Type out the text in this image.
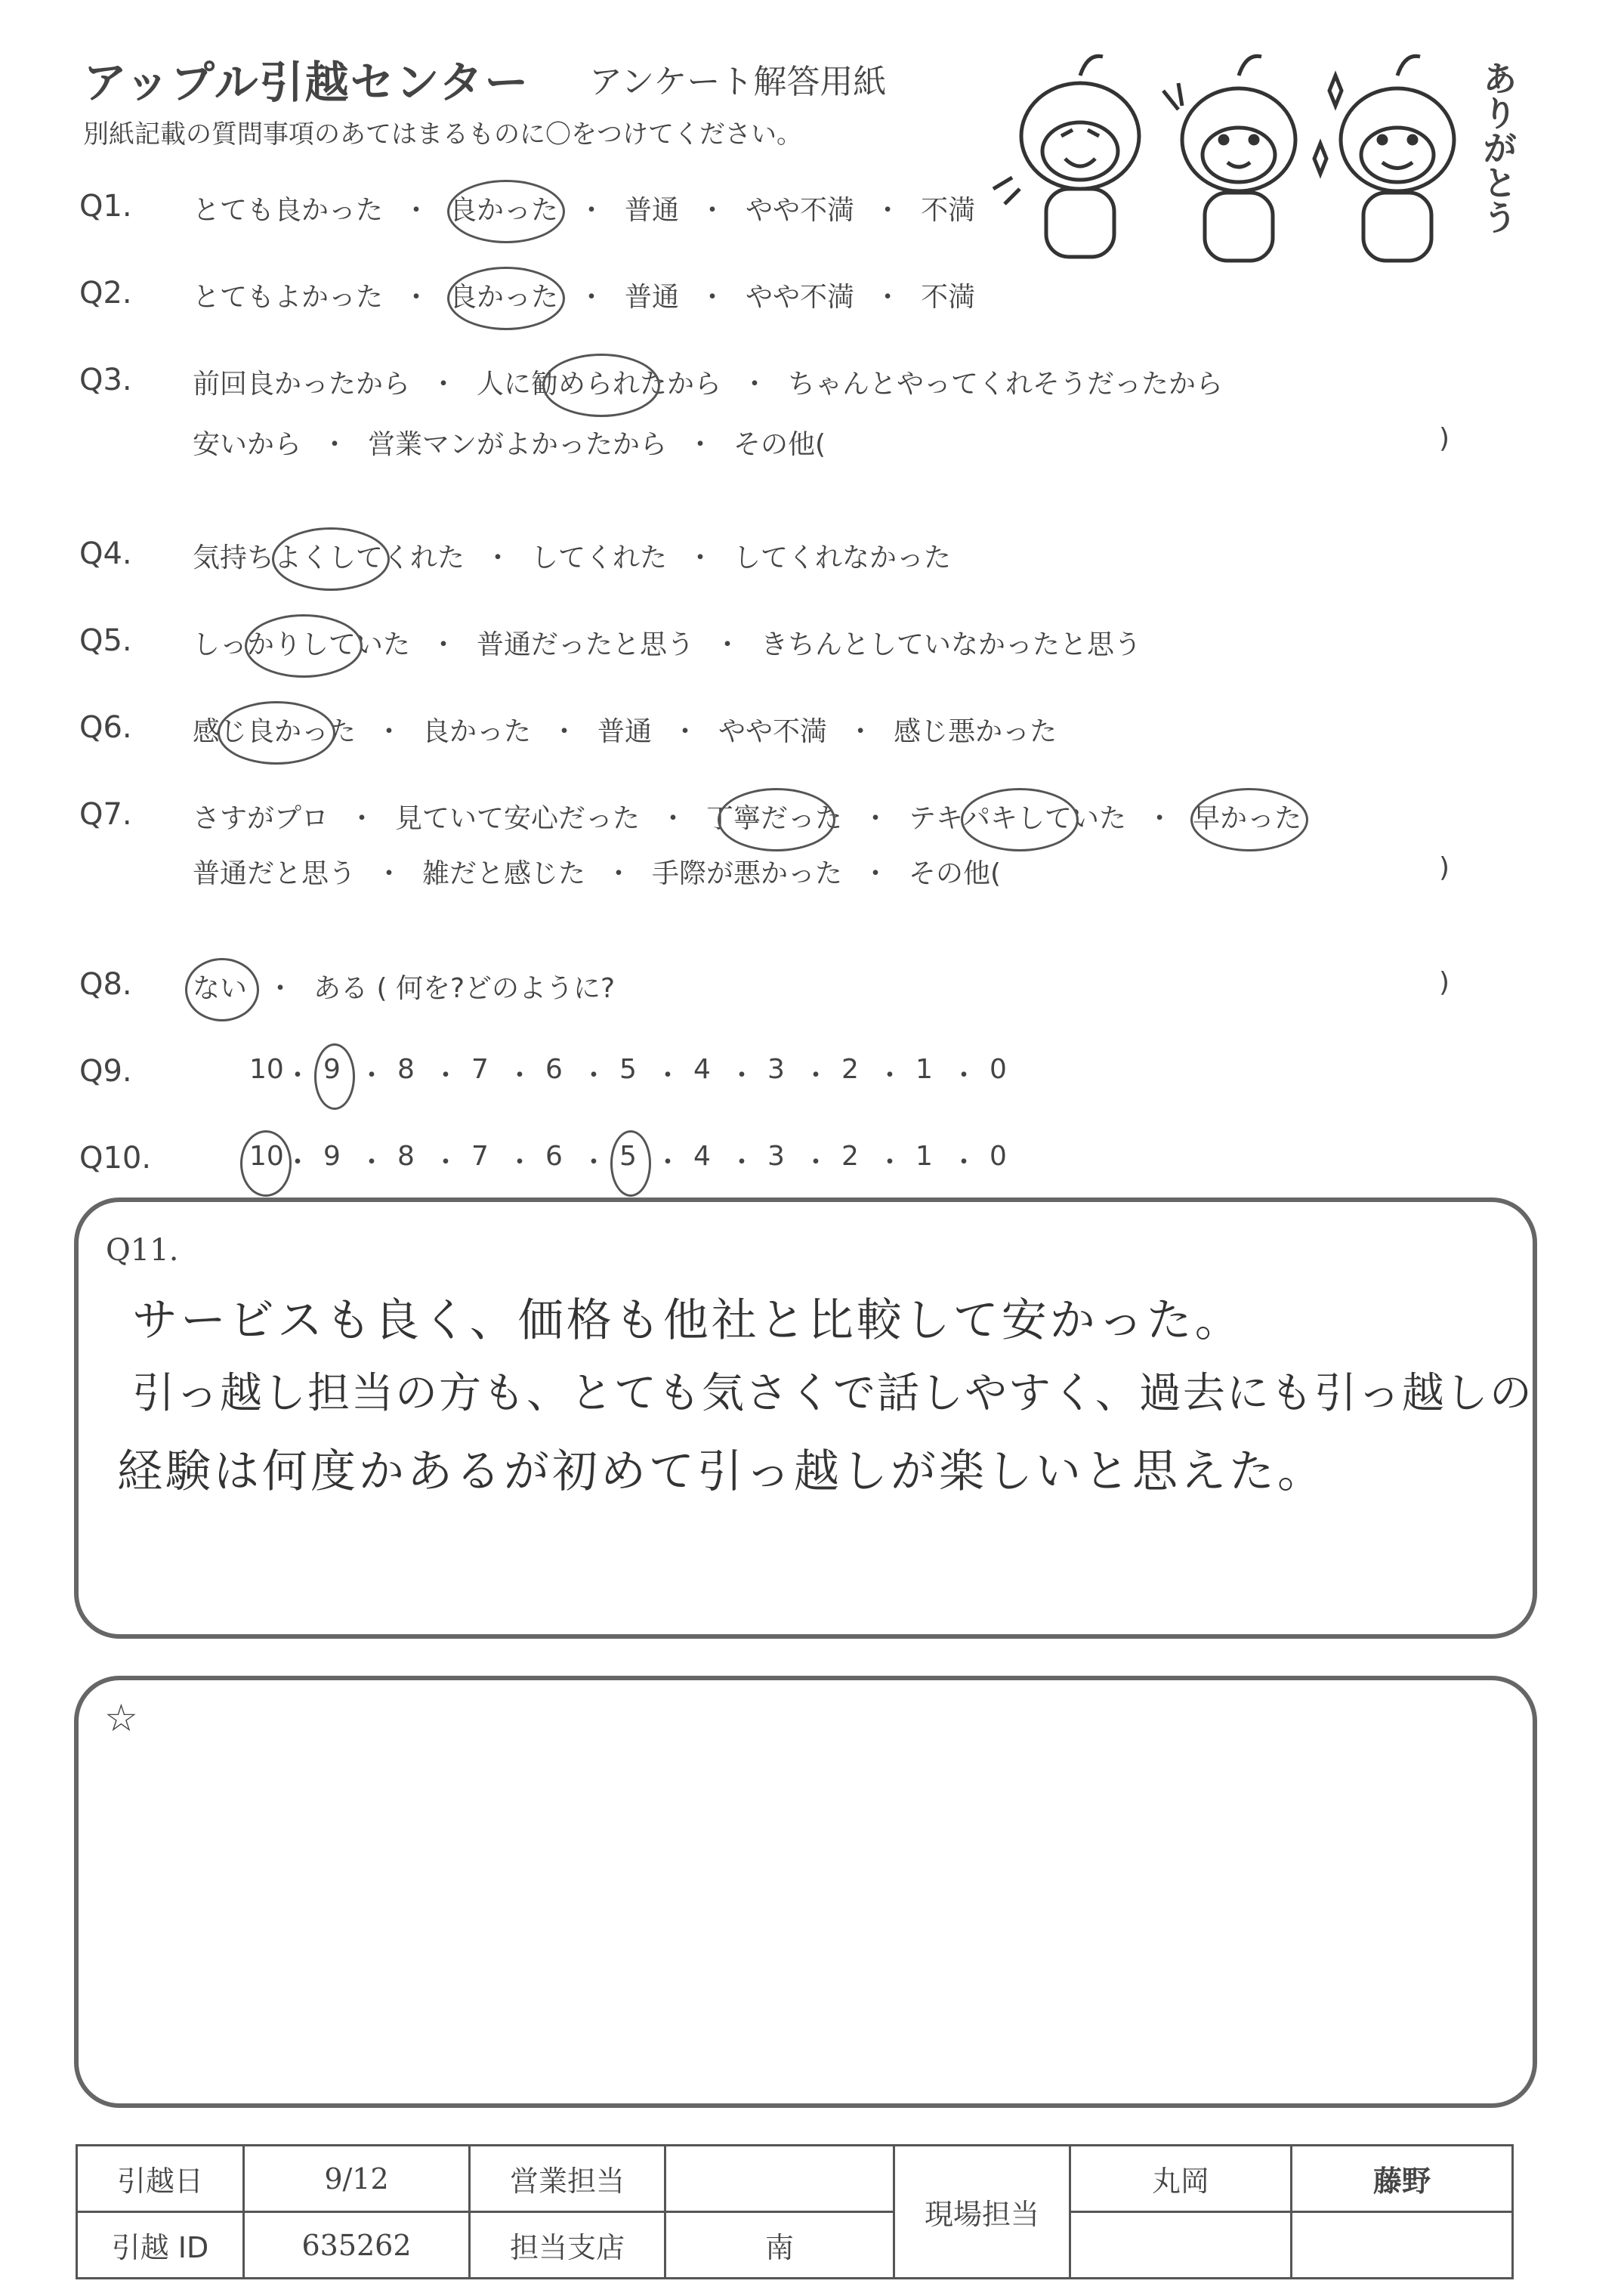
アップル引越センター アンケート解答用紙
別紙記載の質問事項のあてはまるものに〇をつけてください。	ありがとう
Q1. とても良かった ・ 良かった ・ 普通 ・ やや不満 ・ 不満
Q2. とてもよかった ・ 良かった ・ 普通 ・ やや不満 ・ 不満
Q3. 前回良かったから ・ 人に勧められたから ・ ちゃんとやってくれそうだったから
安いから ・ 営業マンがよかったから ・ その他(	)
Q4. 気持ちよくしてくれた ・ してくれた ・ してくれなかった
Q5. しっかりしていた ・ 普通だったと思う ・ きちんとしていなかったと思う
Q6. 感じ良かった ・ 良かった ・ 普通 ・ やや不満 ・ 感じ悪かった
Q7. さすがプロ ・ 見ていて安心だった ・ 丁寧だった ・ テキパキしていた ・ 早かった
普通だと思う ・ 雑だと感じた ・ 手際が悪かった ・ その他(	)
Q8. ない ・ ある ( 何を?どのように?	)
Q9.	10 ・ 9 ・ 8 ・ 7 ・ 6 ・ 5 ・ 4 ・ 3 ・ 2 ・ 1 ・ 0
Q10.	10 ・ 9 ・ 8 ・ 7 ・ 6 ・ 5 ・ 4 ・ 3 ・ 2 ・ 1 ・ 0
Q11.
サービスも良く、価格も他社と比較して安かった。
引っ越し担当の方も、とても気さくで話しやすく、過去にも引っ越しの
経験は何度かあるが初めて引っ越しが楽しいと思えた。
☆
引越日	9/12	営業担当		現場担当	丸岡	藤野
引越 ID	635262	担当支店	南			
